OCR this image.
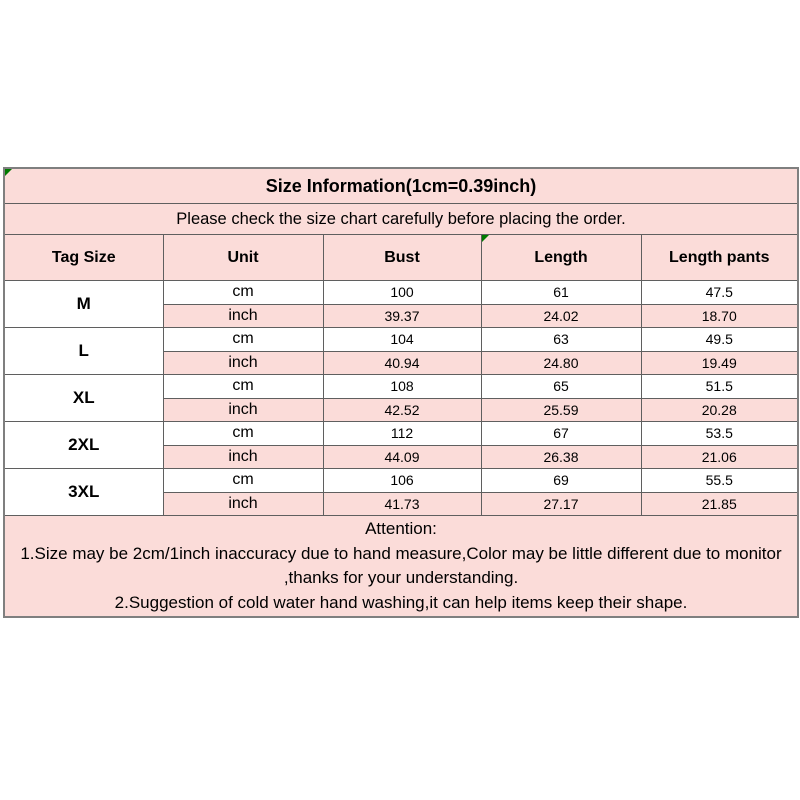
Size Information(1cm=0.39inch)				
Please check the size chart carefully before placing the order.				
Tag Size	Unit	Bust	Length	Length pants
M	cm	100	61	47.5
	inch	39.37	24.02	18.70
L	cm	104	63	49.5
	inch	40.94	24.80	19.49
XL	cm	108	65	51.5
	inch	42.52	25.59	20.28
2XL	cm	112	67	53.5
	inch	44.09	26.38	21.06
3XL	cm	106	69	55.5
	inch	41.73	27.17	21.85

Attention:
1.Size may be 2cm/1inch inaccuracy due to hand measure,Color may be little different due to monitor
,thanks for your understanding.
2.Suggestion of cold water hand washing,it can help items keep their shape.				
